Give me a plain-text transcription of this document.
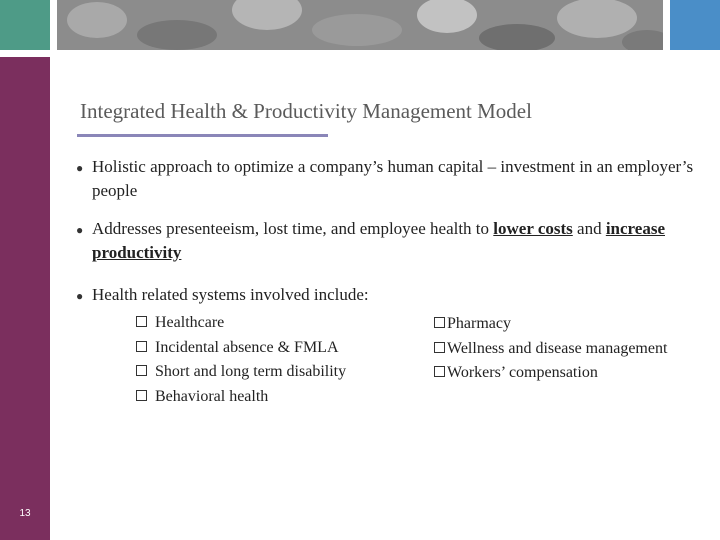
13
Integrated Health & Productivity Management Model
● Holistic approach to optimize a company’s human capital – investment in an employer’s people
● Addresses presenteeism, lost time, and employee health to lower costs and increase productivity
● Health related systems involved include:
Healthcare
Incidental absence & FMLA
Short and long term disability
Behavioral health
Pharmacy
Wellness and disease management
Workers’ compensation
